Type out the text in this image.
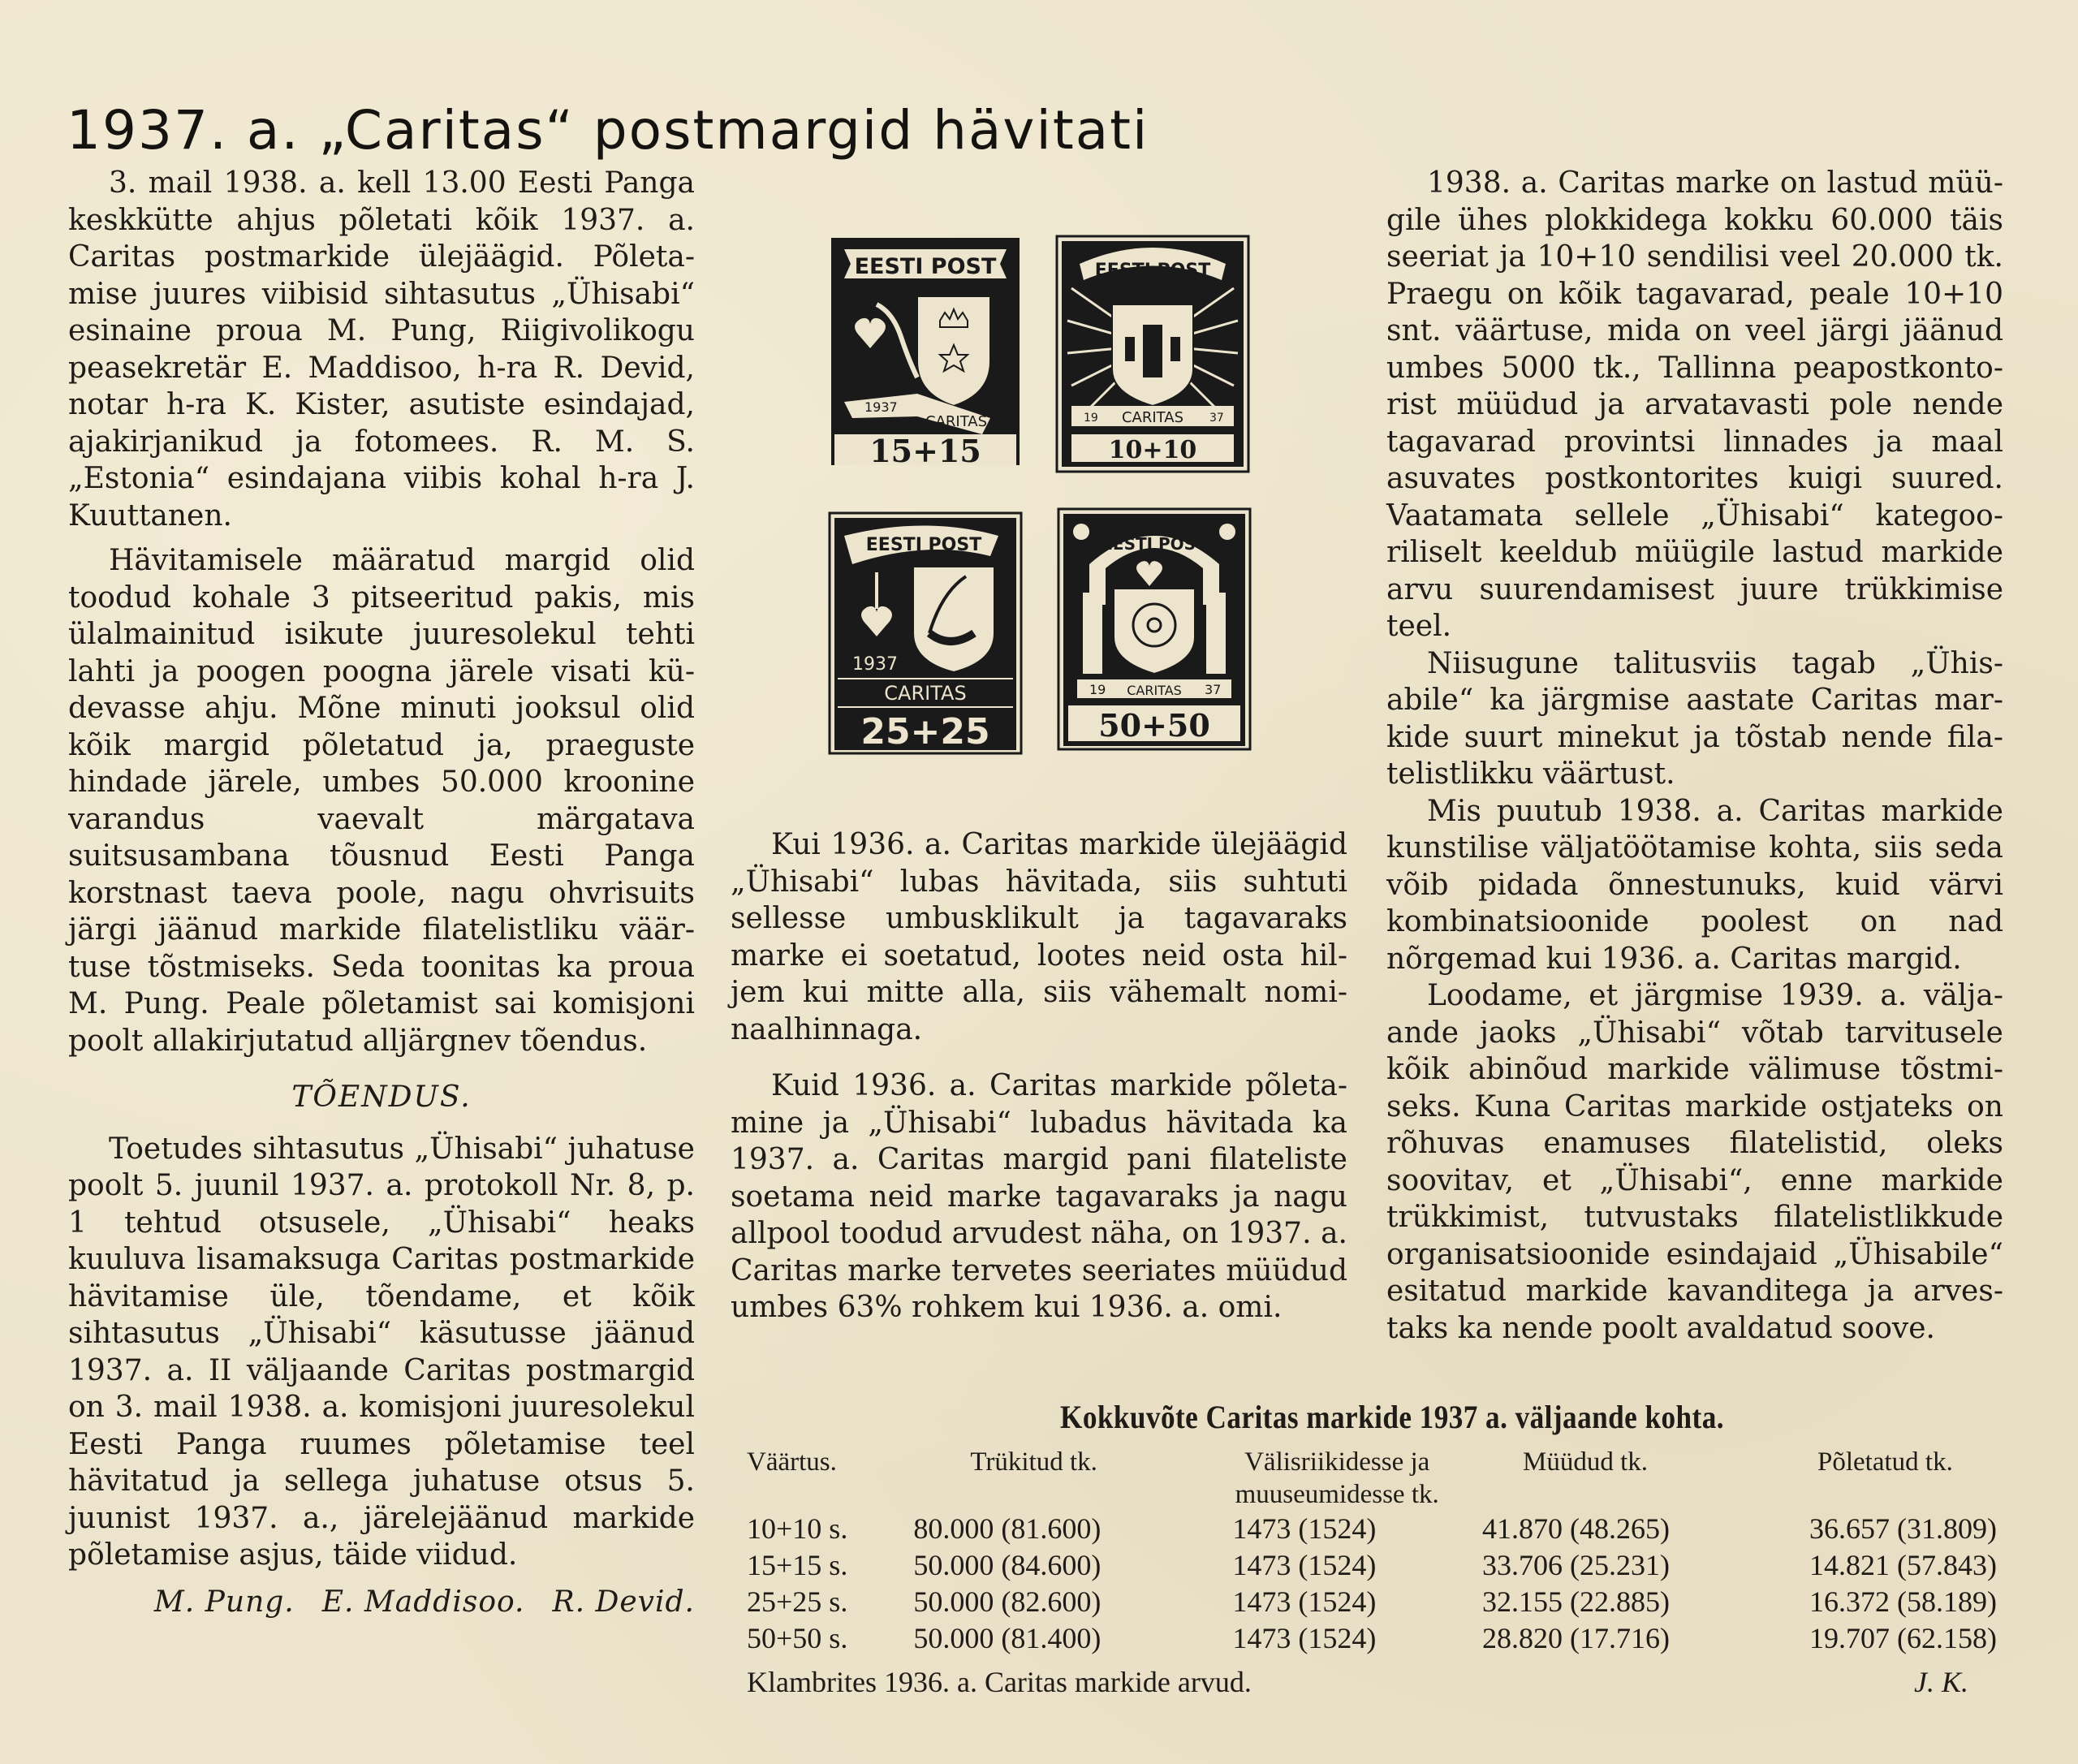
1937. a. „Caritas“ postmargid hävitati

3. mail 1938. a. kell 13.00 Eesti Panga keskkütte ahjus põletati kõik 1937. a. Caritas postmarkide ülejäägid. Põletamise juures viibisid sihtasutus „Ühisabi“ esinaine proua M. Pung, Riigivolikogu peasekretär E. Maddisoo, h-ra R. Devid, notar h-ra K. Kister, asutiste esindajad, ajakirjanikud ja fotomees. R. M. S. „Estonia“ esindajana viibis kohal h-ra J. Kuuttanen.

Hävitamisele määratud margid olid toodud kohale 3 pitseeritud pakis, mis ülalmainitud isikute juuresolekul tehti lahti ja poogen poogna järele visati küdevasse ahju. Mõne minuti jooksul olid kõik margid põletatud ja, praeguste hindade järele, umbes 50.000 kroonine varandus vaevalt märgatava suitsusambana tõusnud Eesti Panga korstnast taeva poole, nagu ohvrisuits järgi jäänud markide filatelistliku väärtuse tõstmiseks. Seda toonitas ka proua M. Pung. Peale põletamist sai komisjoni poolt allakirjutatud alljärgnev tõendus.

TÕENDUS.

Toetudes sihtasutus „Ühisabi“ juhatuse poolt 5. juunil 1937. a. protokoll Nr. 8, p. 1 tehtud otsusele, „Ühisabi“ heaks kuuluva lisamaksuga Caritas postmarkide hävitamise üle, tõendame, et kõik sihtasutus „Ühisabi“ käsutusse jäänud 1937. a. II väljaande Caritas postmargid on 3. mail 1938. a. komisjoni juuresolekul Eesti Panga ruumes põletamise teel hävitatud ja sellega juhatuse otsus 5. juunist 1937. a., järelejäänud markide põletamise asjus, täide viidud.

M. Pung. E. Maddisoo. R. Devid.
EESTI POST
1937
CARITAS
15+15
EESTI POST
19 CARITAS 37
10+10
EESTI POST
1937
CARITAS
25+25
EESTI POST
19 CARITAS 37
50+50

Kui 1936. a. Caritas markide ülejäägid „Ühisabi“ lubas hävitada, siis suhtuti sellesse umbusklikult ja tagavaraks marke ei soetatud, lootes neid osta hiljem kui mitte alla, siis vähemalt nominaalhinnaga.

Kuid 1936. a. Caritas markide põletamine ja „Ühisabi“ lubadus hävitada ka 1937. a. Caritas margid pani filateliste soetama neid marke tagavaraks ja nagu allpool toodud arvudest näha, on 1937. a. Caritas marke tervetes seeriates müüdud umbes 63% rohkem kui 1936. a. omi.

1938. a. Caritas marke on lastud müügile ühes plokkidega kokku 60.000 täis seeriat ja 10+10 sendilisi veel 20.000 tk. Praegu on kõik tagavarad, peale 10+10 snt. väärtuse, mida on veel järgi jäänud umbes 5000 tk., Tallinna peapostkontorist müüdud ja arvatavasti pole nende tagavarad provintsi linnades ja maal asuvates postkontorites kuigi suured. Vaatamata sellele „Ühisabi“ kategooriliselt keeldub müügile lastud markide arvu suurendamisest juure trükkimise teel.

Niisugune talitusviis tagab „Ühisabile“ ka järgmise aastate Caritas markide suurt minekut ja tõstab nende filatelistlikku väärtust.

Mis puutub 1938. a. Caritas markide kunstilise väljatöötamise kohta, siis seda võib pidada õnnestunuks, kuid värvi kombinatsioonide poolest on nad nõrgemad kui 1936. a. Caritas margid.

Loodame, et järgmise 1939. a. väljaande jaoks „Ühisabi“ võtab tarvitusele kõik abinõud markide välimuse tõstmiseks. Kuna Caritas markide ostjateks on rõhuvas enamuses filatelistid, oleks soovitav, et „Ühisabi“, enne markide trükkimist, tutvustaks filatelistlikkude organisatsioonide esindajaid „Ühisabile“ esitatud markide kavanditega ja arvestaks ka nende poolt avaldatud soove.

Kokkuvõte Caritas markide 1937 a. väljaande kohta.
Väärtus.	Trükitud tk.	Välisriikidesse ja muuseumidesse tk.	Müüdud tk.	Põletatud tk.
10+10 s.	80.000 (81.600)	1473 (1524)	41.870 (48.265)	36.657 (31.809)
15+15 s.	50.000 (84.600)	1473 (1524)	33.706 (25.231)	14.821 (57.843)
25+25 s.	50.000 (82.600)	1473 (1524)	32.155 (22.885)	16.372 (58.189)
50+50 s.	50.000 (81.400)	1473 (1524)	28.820 (17.716)	19.707 (62.158)
Klambrites 1936. a. Caritas markide arvud.	J. K.
